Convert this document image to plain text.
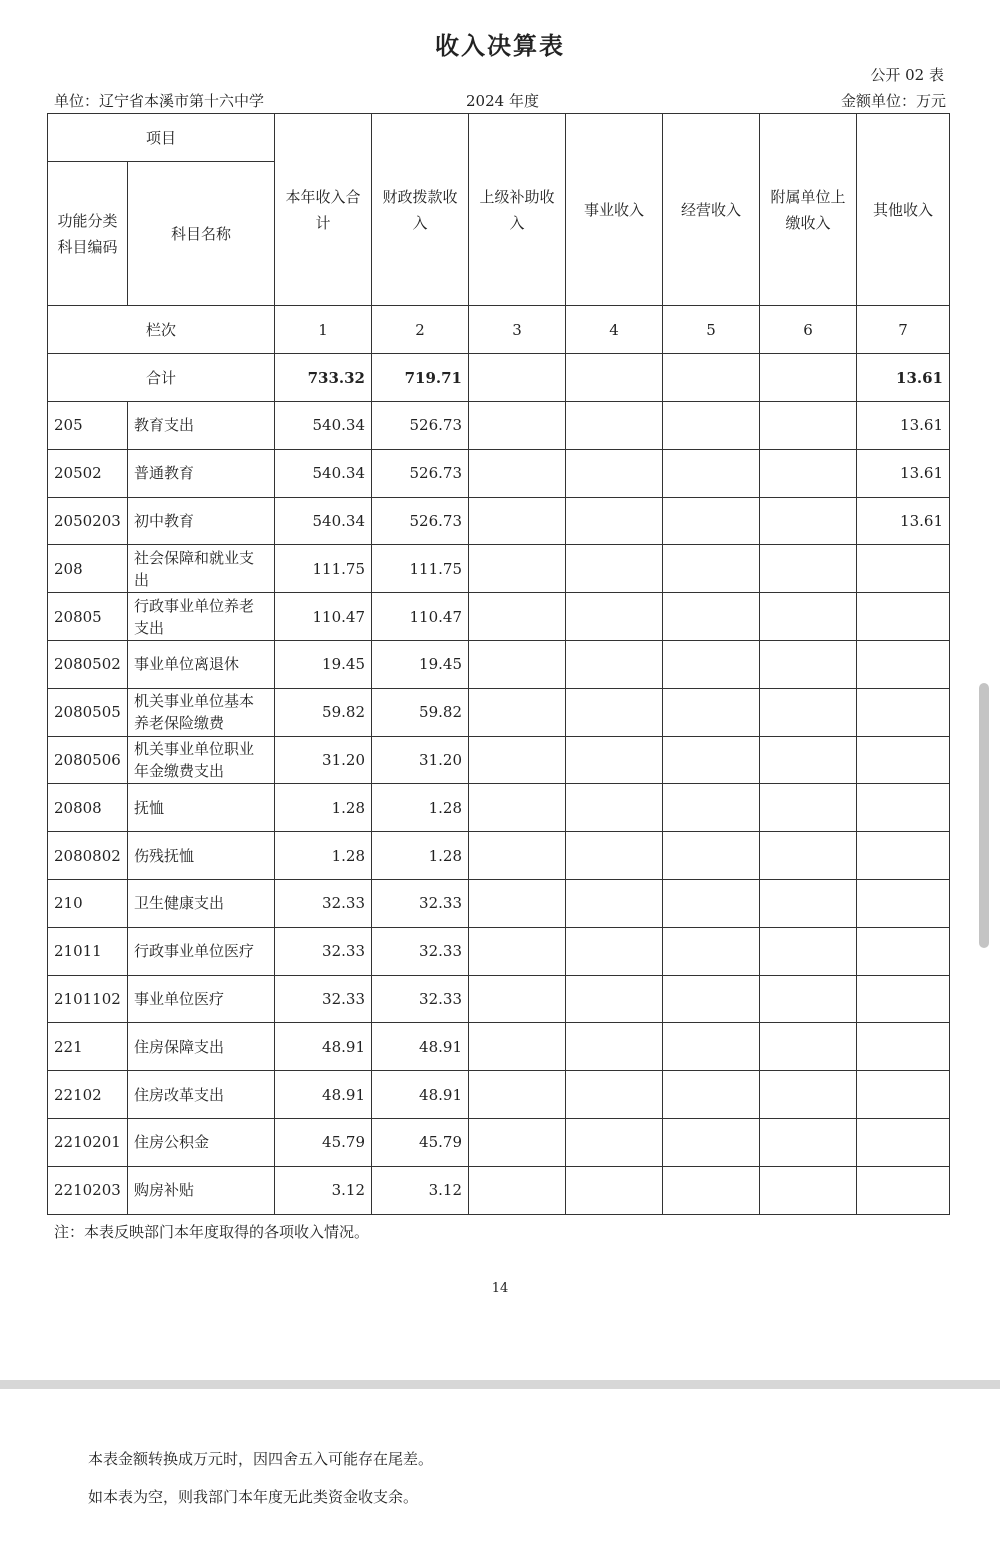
收入决算表
公开 02 表
单位：辽宁省本溪市第十六中学	2024 年度	金额单位：万元
项目		本年收入合计	财政拨款收入	上级补助收入	事业收入	经营收入	附属单位上缴收入	其他收入
功能分类科目编码	科目名称							
栏次		1	2	3	4	5	6	7
合计		733.32	719.71					13.61
205	教育支出	540.34	526.73					13.61
20502	普通教育	540.34	526.73					13.61
2050203	初中教育	540.34	526.73					13.61
208	社会保障和就业支出	111.75	111.75					
20805	行政事业单位养老支出	110.47	110.47					
2080502	事业单位离退休	19.45	19.45					
2080505	机关事业单位基本养老保险缴费	59.82	59.82					
2080506	机关事业单位职业年金缴费支出	31.20	31.20					
20808	抚恤	1.28	1.28					
2080802	伤残抚恤	1.28	1.28					
210	卫生健康支出	32.33	32.33					
21011	行政事业单位医疗	32.33	32.33					
2101102	事业单位医疗	32.33	32.33					
221	住房保障支出	48.91	48.91					
22102	住房改革支出	48.91	48.91					
2210201	住房公积金	45.79	45.79					
2210203	购房补贴	3.12	3.12					
注：本表反映部门本年度取得的各项收入情况。
14
本表金额转换成万元时，因四舍五入可能存在尾差。
如本表为空，则我部门本年度无此类资金收支余。
